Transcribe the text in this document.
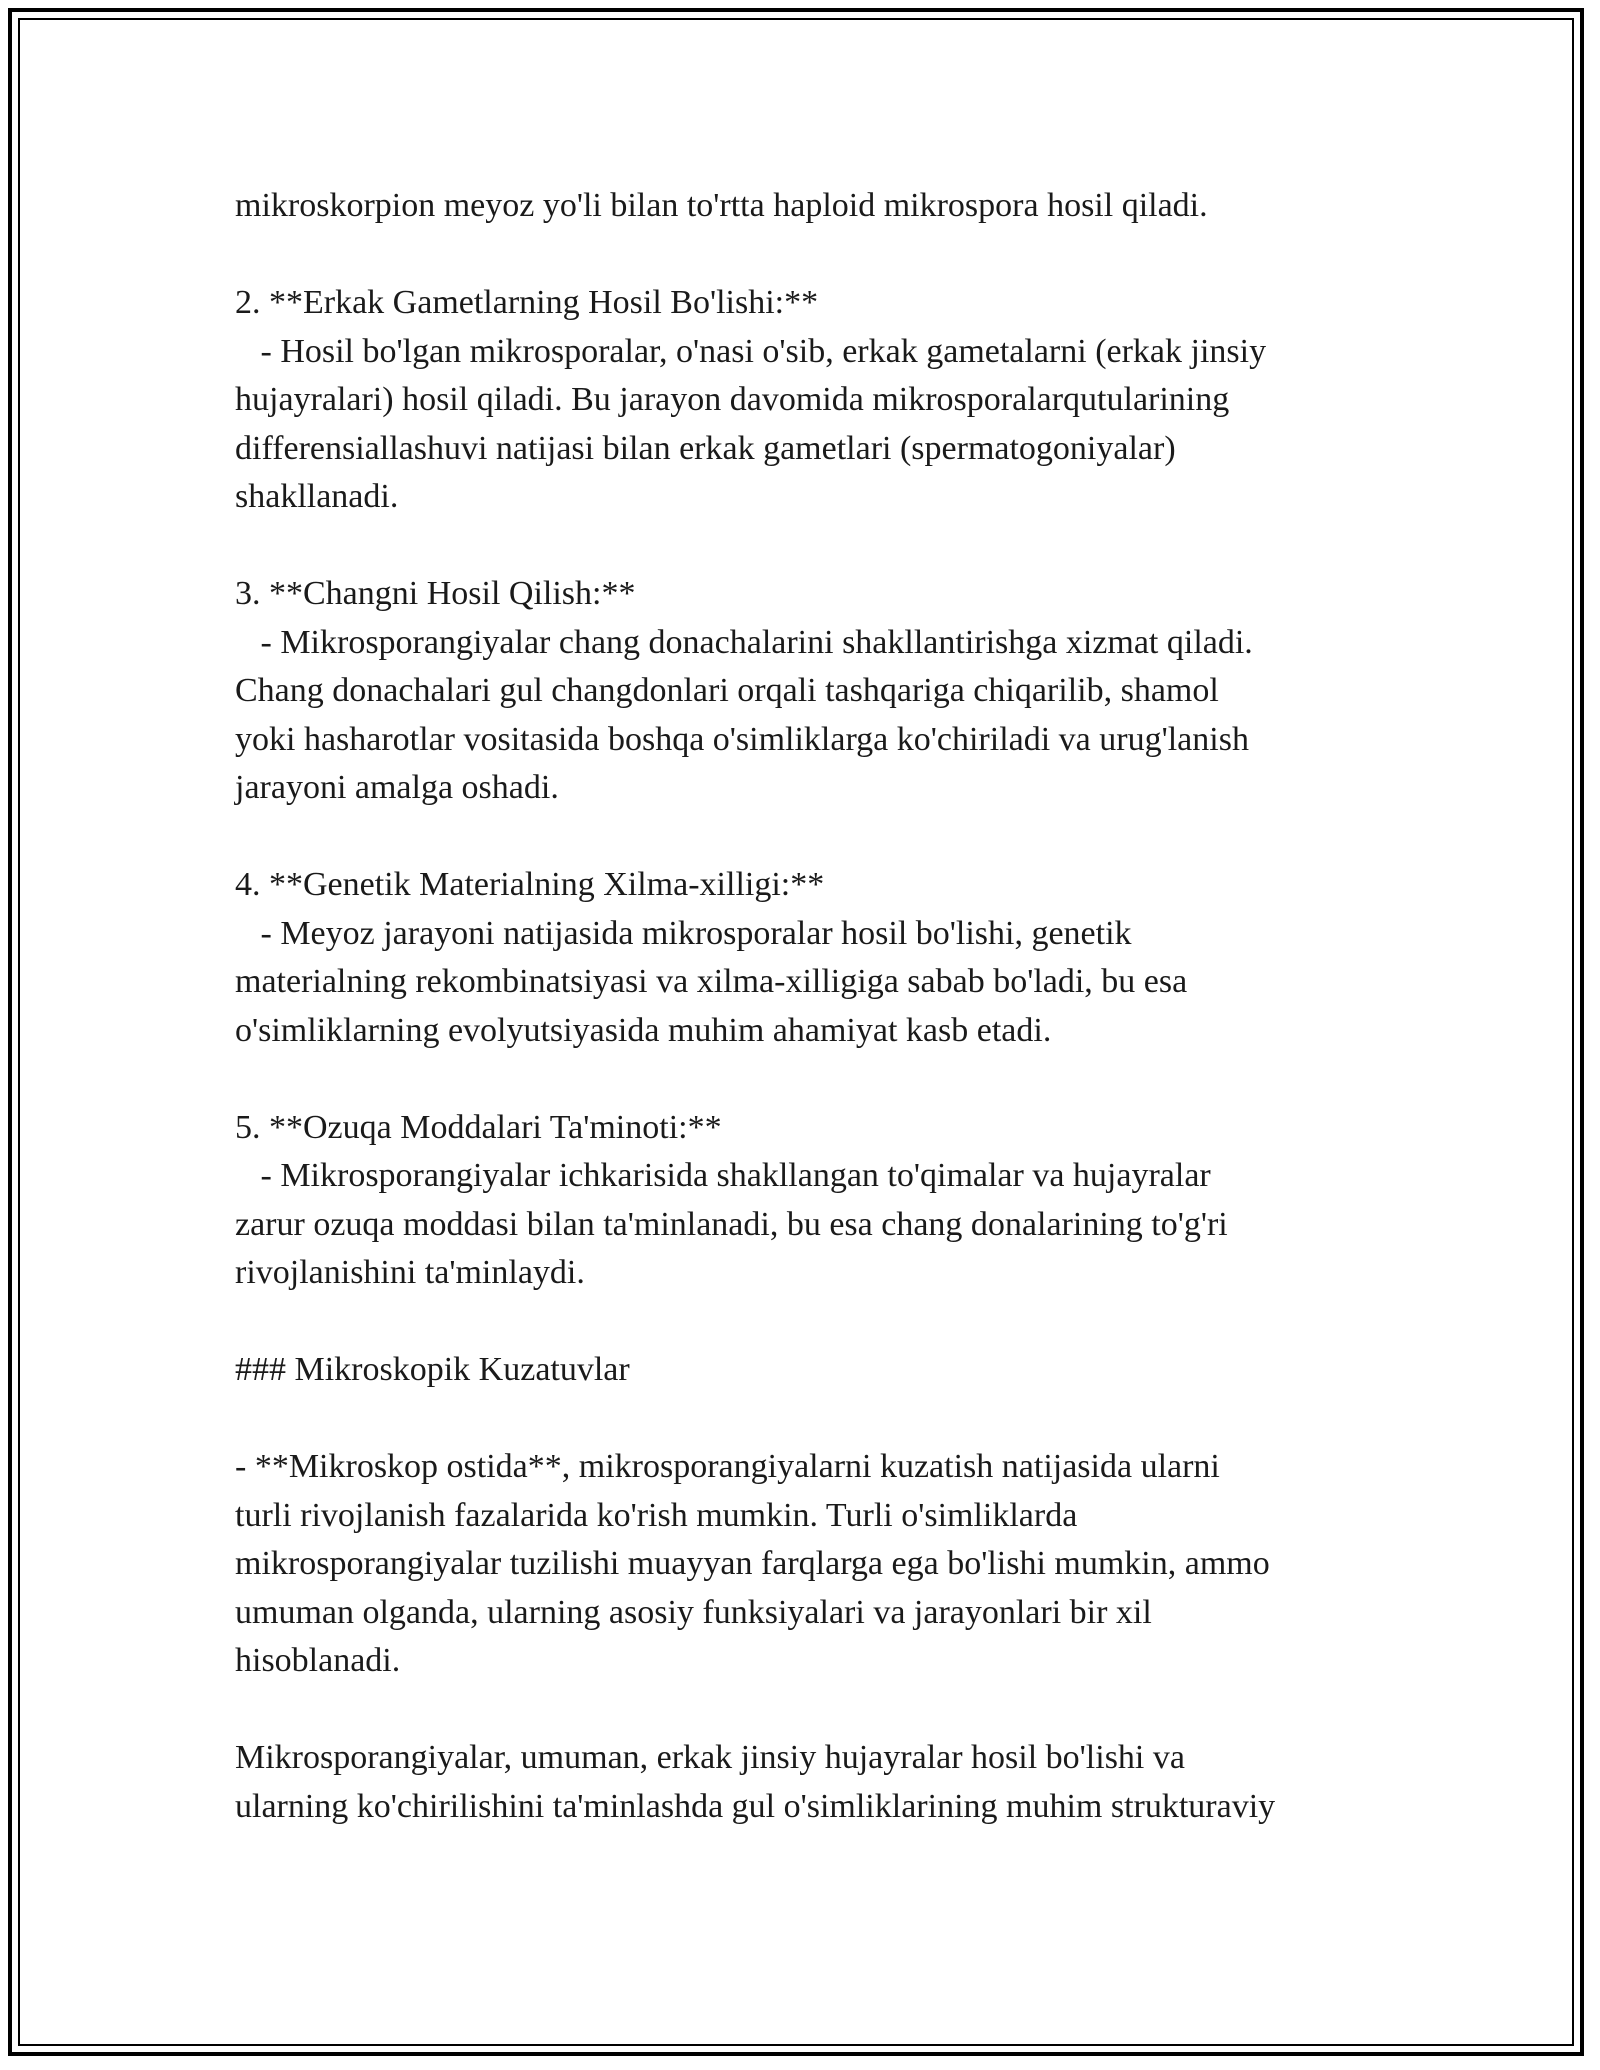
mikroskorpion meyoz yo'li bilan to'rtta haploid mikrospora hosil qiladi.

2. **Erkak Gametlarning Hosil Bo'lishi:**

- Hosil bo'lgan mikrosporalar, o'nasi o'sib, erkak gametalarni (erkak jinsiy

hujayralari) hosil qiladi. Bu jarayon davomida mikrosporalarqutularining

differensiallashuvi natijasi bilan erkak gametlari (spermatogoniyalar)

shakllanadi.

3. **Changni Hosil Qilish:**

- Mikrosporangiyalar chang donachalarini shakllantirishga xizmat qiladi.

Chang donachalari gul changdonlari orqali tashqariga chiqarilib, shamol

yoki hasharotlar vositasida boshqa o'simliklarga ko'chiriladi va urug'lanish

jarayoni amalga oshadi.

4. **Genetik Materialning Xilma-xilligi:**

- Meyoz jarayoni natijasida mikrosporalar hosil bo'lishi, genetik

materialning rekombinatsiyasi va xilma-xilligiga sabab bo'ladi, bu esa

o'simliklarning evolyutsiyasida muhim ahamiyat kasb etadi.

5. **Ozuqa Moddalari Ta'minoti:**

- Mikrosporangiyalar ichkarisida shakllangan to'qimalar va hujayralar

zarur ozuqa moddasi bilan ta'minlanadi, bu esa chang donalarining to'g'ri

rivojlanishini ta'minlaydi.

### Mikroskopik Kuzatuvlar

- **Mikroskop ostida**, mikrosporangiyalarni kuzatish natijasida ularni

turli rivojlanish fazalarida ko'rish mumkin. Turli o'simliklarda

mikrosporangiyalar tuzilishi muayyan farqlarga ega bo'lishi mumkin, ammo

umuman olganda, ularning asosiy funksiyalari va jarayonlari bir xil

hisoblanadi.

Mikrosporangiyalar, umuman, erkak jinsiy hujayralar hosil bo'lishi va

ularning ko'chirilishini ta'minlashda gul o'simliklarining muhim strukturaviy
